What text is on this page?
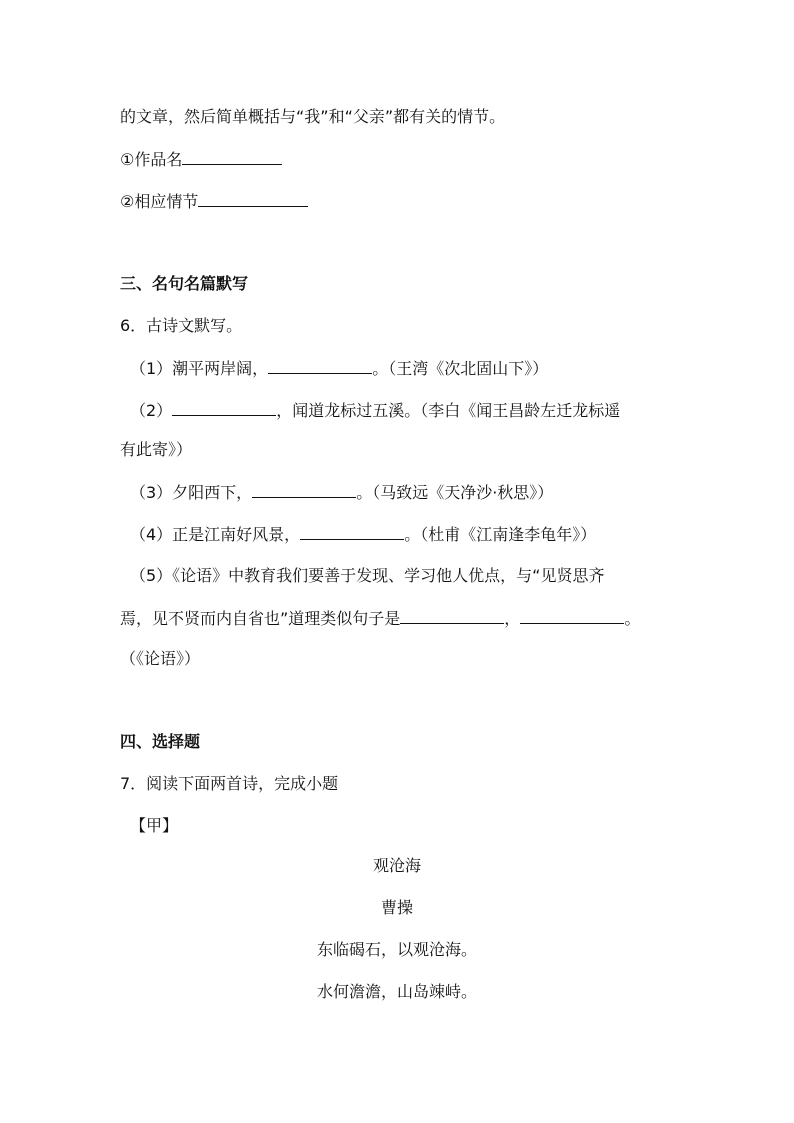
的文章，然后简单概括与“我”和“父亲”都有关的情节。
①作品名
②相应情节
三、名句名篇默写
6．古诗文默写。
（1）潮平两岸阔，	。（王湾《次北固山下》）
（2）	，闻道龙标过五溪。（李白《闻王昌龄左迁龙标遥
有此寄》）
（3）夕阳西下，	。（马致远《天净沙·秋思》）
（4）正是江南好风景，	。（杜甫《江南逢李龟年》）
（5）《论语》中教育我们要善于发现、学习他人优点，与“见贤思齐
焉，见不贤而内自省也”道理类似句子是	，	。
（《论语》）
四、选择题
7．阅读下面两首诗，完成小题
【甲】
观沧海
曹操
东临碣石，以观沧海。
水何澹澹，山岛竦峙。
